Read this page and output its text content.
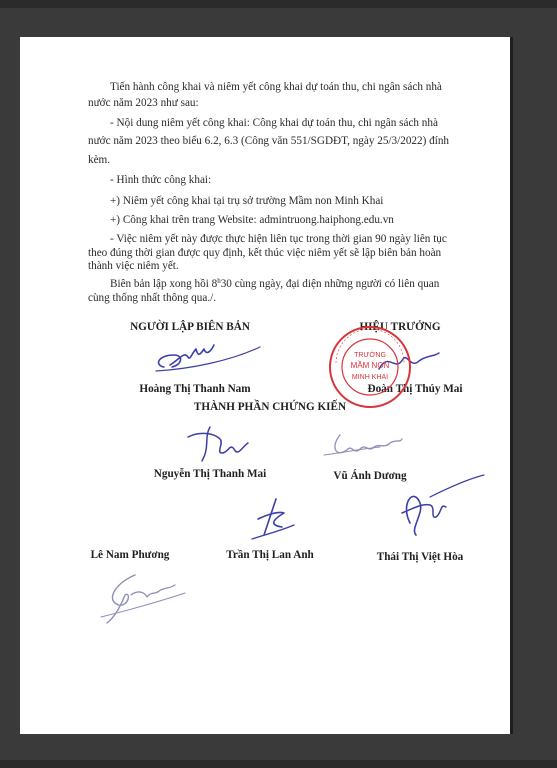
Tiến hành công khai và niêm yết công khai dự toán thu, chi ngân sách nhà
nước năm 2023 như sau:
- Nội dung niêm yết công khai: Công khai dự toán thu, chi ngân sách nhà
nước năm 2023 theo biểu 6.2, 6.3 (Công văn 551/SGDĐT, ngày 25/3/2022) đính
kèm.
- Hình thức công khai:
+) Niêm yết công khai tại trụ sở trường Mầm non Minh Khai
+) Công khai trên trang Website: admintruong.haiphong.edu.vn
- Việc niêm yết này được thực hiện liên tục trong thời gian 90 ngày liên tục
theo đúng thời gian được quy định, kết thúc việc niêm yết sẽ lập biên bản hoàn
thành việc niêm yết.
Biên bản lập xong hồi 8$^h$30 cùng ngày, đại diện những người có liên quan
cùng thống nhất thông qua./.
NGƯỜI LẬP BIÊN BẢN	HIỆU TRƯỞNG
Hoàng Thị Thanh Nam	Đoàn Thị Thúy Mai
THÀNH PHẦN CHỨNG KIẾN
Nguyễn Thị Thanh Mai	Vũ Ánh Dương
Lê Nam Phương	Trần Thị Lan Anh	Thái Thị Việt Hòa
TRƯỜNG
MẦM NON
MINH KHAI
